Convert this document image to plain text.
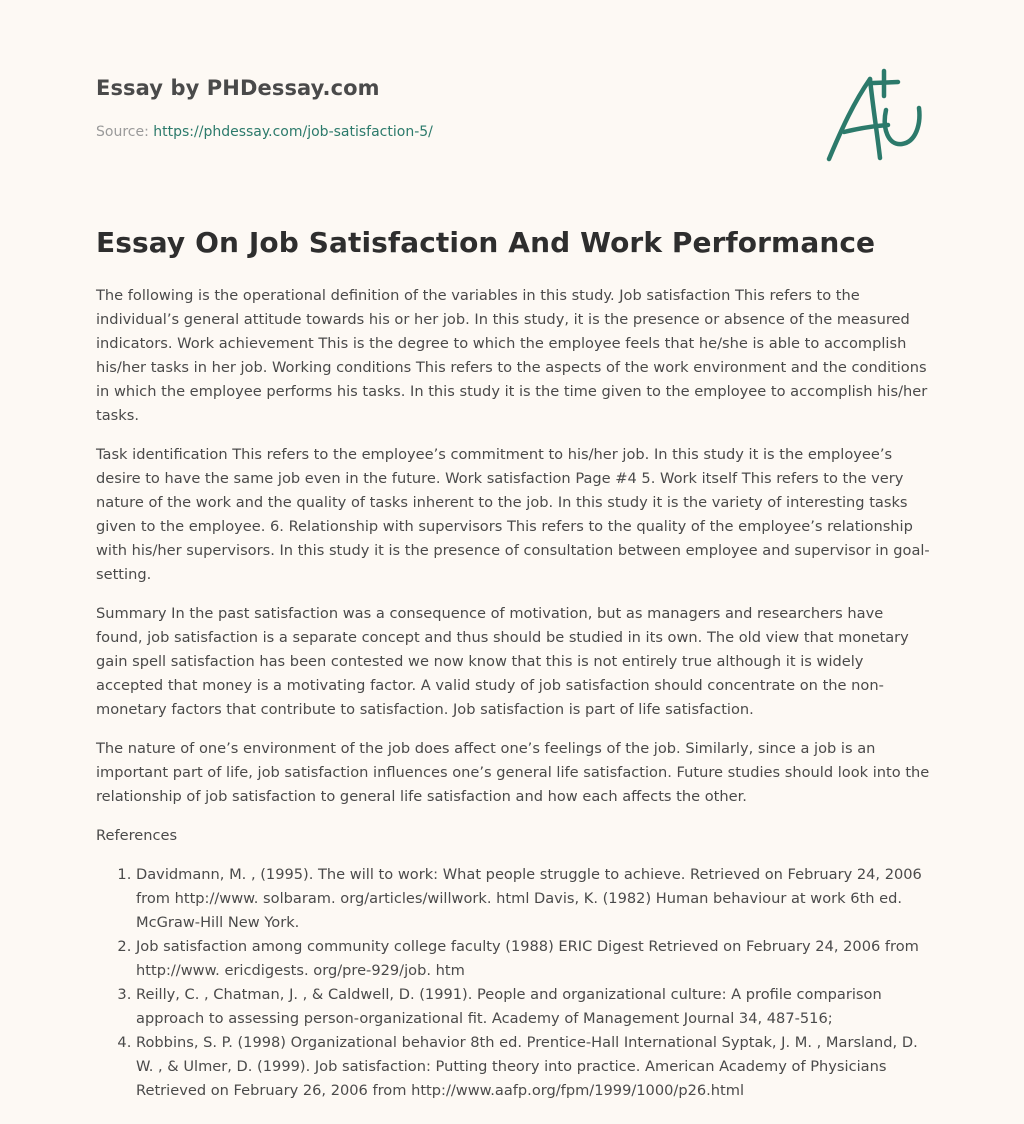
Essay by PHDessay.com

Source: https://phdessay.com/job-satisfaction-5/

Essay On Job Satisfaction And Work Performance

The following is the operational definition of the variables in this study. Job satisfaction This refers to the individual’s general attitude towards his or her job. In this study, it is the presence or absence of the measured indicators. Work achievement This is the degree to which the employee feels that he/she is able to accomplish his/her tasks in her job. Working conditions This refers to the aspects of the work environment and the conditions in which the employee performs his tasks. In this study it is the time given to the employee to accomplish his/her tasks.

Task identification This refers to the employee’s commitment to his/her job. In this study it is the employee’s desire to have the same job even in the future. Work satisfaction Page #4 5. Work itself This refers to the very nature of the work and the quality of tasks inherent to the job. In this study it is the variety of interesting tasks given to the employee. 6. Relationship with supervisors This refers to the quality of the employee’s relationship with his/her supervisors. In this study it is the presence of consultation between employee and supervisor in goal-setting.

Summary In the past satisfaction was a consequence of motivation, but as managers and researchers have found, job satisfaction is a separate concept and thus should be studied in its own. The old view that monetary gain spell satisfaction has been contested we now know that this is not entirely true although it is widely accepted that money is a motivating factor. A valid study of job satisfaction should concentrate on the non-monetary factors that contribute to satisfaction. Job satisfaction is part of life satisfaction.

The nature of one’s environment of the job does affect one’s feelings of the job. Similarly, since a job is an important part of life, job satisfaction influences one’s general life satisfaction. Future studies should look into the relationship of job satisfaction to general life satisfaction and how each affects the other.

References

1. Davidmann, M. , (1995). The will to work: What people struggle to achieve. Retrieved on February 24, 2006 from http://www. solbaram. org/articles/willwork. html Davis, K. (1982) Human behaviour at work 6th ed. McGraw-Hill New York.
2. Job satisfaction among community college faculty (1988) ERIC Digest Retrieved on February 24, 2006 from http://www. ericdigests. org/pre-929/job. htm
3. Reilly, C. , Chatman, J. , & Caldwell, D. (1991). People and organizational culture: A profile comparison approach to assessing person-organizational fit. Academy of Management Journal 34, 487-516;
4. Robbins, S. P. (1998) Organizational behavior 8th ed. Prentice-Hall International Syptak, J. M. , Marsland, D. W. , & Ulmer, D. (1999). Job satisfaction: Putting theory into practice. American Academy of Physicians Retrieved on February 26, 2006 from http://www.aafp.org/fpm/1999/1000/p26.html
